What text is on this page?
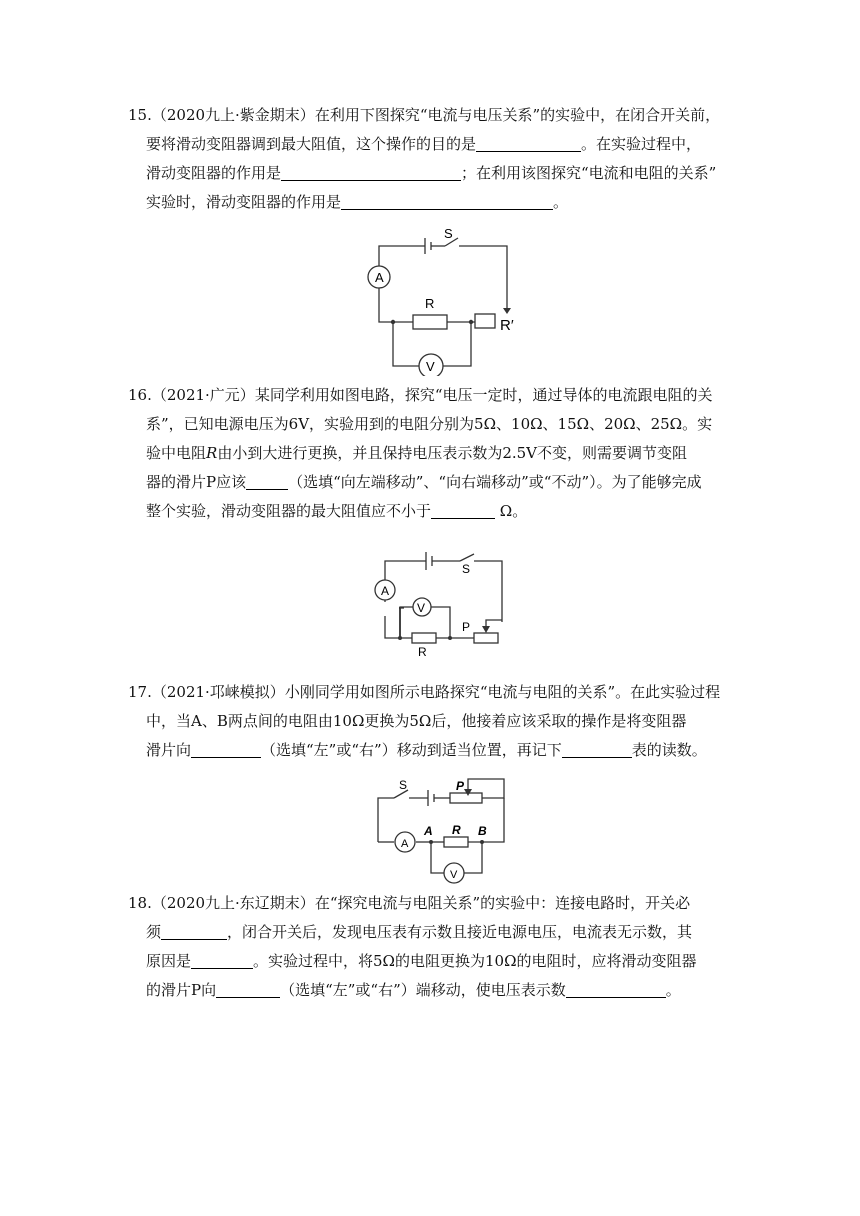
15.（2020九上·紫金期末）在利用下图探究“电流与电压关系”的实验中，在闭合开关前，

要将滑动变阻器调到最大阻值，这个操作的目的是	。在实验过程中，

滑动变阻器的作用是	；在利用该图探究“电流和电阻的关系”

实验时，滑动变阻器的作用是	。

S
A
R
R′
V

16.（2021·广元）某同学利用如图电路，探究“电压一定时，通过导体的电流跟电阻的关

系”，已知电源电压为6V，实验用到的电阻分别为5Ω、10Ω、15Ω、20Ω、25Ω。实

验中电阻R由小到大进行更换，并且保持电压表示数为2.5V不变，则需要调节变阻

器的滑片P应该	（选填“向左端移动”、“向右端移动”或“不动”）。为了能够完成

整个实验，滑动变阻器的最大阻值应不小于	Ω。

A
V
S
P
R

17.（2021·邛崃模拟）小刚同学用如图所示电路探究“电流与电阻的关系”。在此实验过程

中，当A、B两点间的电阻由10Ω更换为5Ω后，他接着应该采取的操作是将变阻器

滑片向	（选填“左”或“右”）移动到适当位置，再记下	表的读数。

S	P
A
A R B
V

18.（2020九上·东辽期末）在“探究电流与电阻关系”的实验中：连接电路时，开关必

须	，闭合开关后，发现电压表有示数且接近电源电压，电流表无示数，其

原因是	。实验过程中，将5Ω的电阻更换为10Ω的电阻时，应将滑动变阻器

的滑片P向	（选填“左”或“右”）端移动，使电压表示数	。
